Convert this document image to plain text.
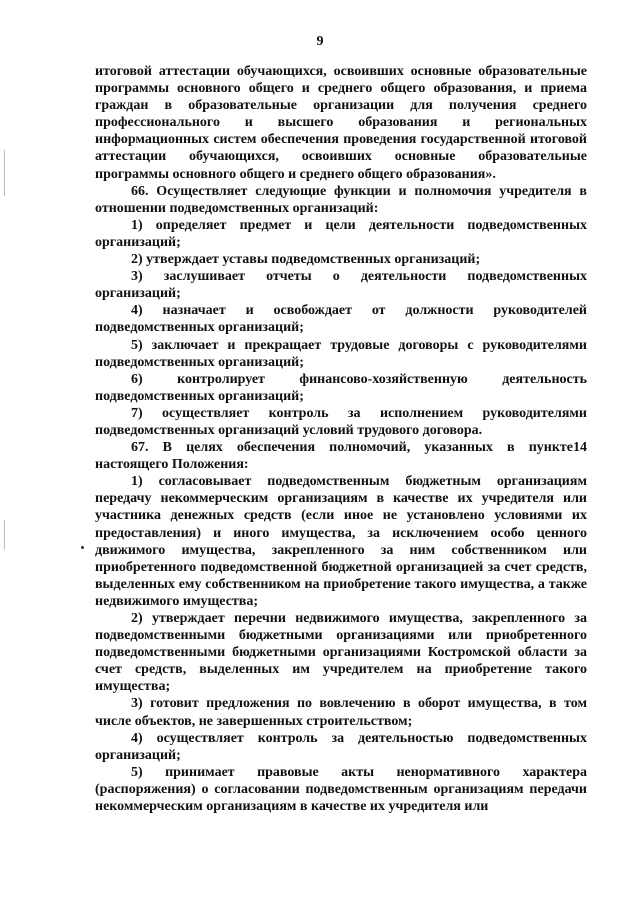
9

итоговой аттестации обучающихся, освоивших основные образовательные программы основного общего и среднего общего образования, и приема граждан в образовательные организации для получения среднего профессионального и высшего образования и региональных информационных систем обеспечения проведения государственной итоговой аттестации обучающихся, освоивших основные образовательные программы основного общего и среднего общего образования».

66. Осуществляет следующие функции и полномочия учредителя в отношении подведомственных организаций:

1) определяет предмет и цели деятельности подведомственных организаций;

2) утверждает уставы подведомственных организаций;

3) заслушивает отчеты о деятельности подведомственных организаций;

4) назначает и освобождает от должности руководителей подведомственных организаций;

5) заключает и прекращает трудовые договоры с руководителями подведомственных организаций;

6) контролирует финансово-хозяйственную деятельность подведомственных организаций;

7) осуществляет контроль за исполнением руководителями подведомственных организаций условий трудового договора.

67. В целях обеспечения полномочий, указанных в пункте14 настоящего Положения:

1) согласовывает подведомственным бюджетным организациям передачу некоммерческим организациям в качестве их учредителя или участника денежных средств (если иное не установлено условиями их предоставления) и иного имущества, за исключением особо ценного движимого имущества, закрепленного за ним собственником или приобретенного подведомственной бюджетной организацией за счет средств, выделенных ему собственником на приобретение такого имущества, а также недвижимого имущества;

2) утверждает перечни недвижимого имущества, закрепленного за подведомственными бюджетными организациями или приобретенного подведомственными бюджетными организациями Костромской области за счет средств, выделенных им учредителем на приобретение такого имущества;

3) готовит предложения по вовлечению в оборот имущества, в том числе объектов, не завершенных строительством;

4) осуществляет контроль за деятельностью подведомственных организаций;

5) принимает правовые акты ненормативного характера (распоряжения) о согласовании подведомственным организациям передачи некоммерческим организациям в качестве их учредителя или
